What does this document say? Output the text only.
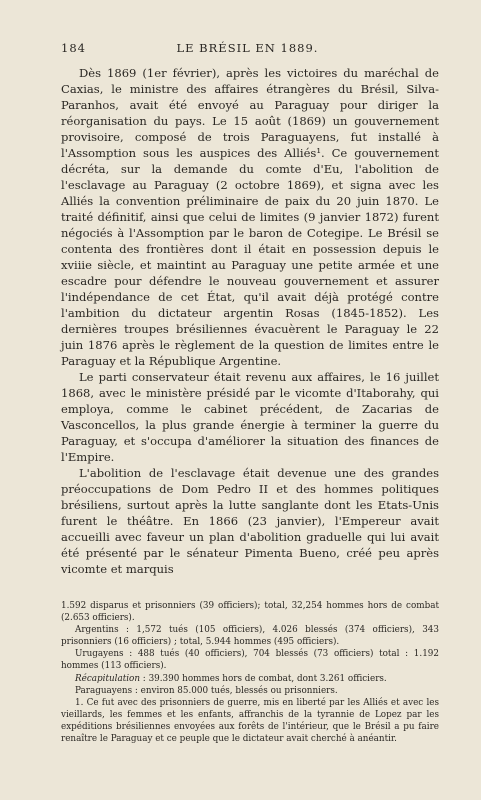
184	LE BRÉSIL EN 1889.

Dès 1869 (1er février), après les victoires du maréchal de Caxias, le ministre des affaires étrangères du Brésil, Silva-Paranhos, avait été envoyé au Paraguay pour diriger la réorganisation du pays. Le 15 août (1869) un gouvernement provisoire, composé de trois Paraguayens, fut installé à l'Assomption sous les auspices des Alliés¹. Ce gouvernement décréta, sur la demande du comte d'Eu, l'abolition de l'esclavage au Paraguay (2 octobre 1869), et signa avec les Alliés la convention préliminaire de paix du 20 juin 1870. Le traité définitif, ainsi que celui de limites (9 janvier 1872) furent négociés à l'Assomption par le baron de Cotegipe. Le Brésil se contenta des frontières dont il était en possession depuis le xviiie siècle, et maintint au Paraguay une petite armée et une escadre pour défendre le nouveau gouvernement et assurer l'indépendance de cet État, qu'il avait déjà protégé contre l'ambition du dictateur argentin Rosas (1845-1852). Les dernières troupes brésiliennes évacuèrent le Paraguay le 22 juin 1876 après le règlement de la question de limites entre le Paraguay et la République Argentine.

Le parti conservateur était revenu aux affaires, le 16 juillet 1868, avec le ministère présidé par le vicomte d'Itaborahy, qui employa, comme le cabinet précédent, de Zacarias de Vasconcellos, la plus grande énergie à terminer la guerre du Paraguay, et s'occupa d'améliorer la situation des finances de l'Empire.

L'abolition de l'esclavage était devenue une des grandes préoccupations de Dom Pedro II et des hommes politiques brésiliens, surtout après la lutte sanglante dont les Etats-Unis furent le théâtre. En 1866 (23 janvier), l'Empereur avait accueilli avec faveur un plan d'abolition graduelle qui lui avait été présenté par le sénateur Pimenta Bueno, créé peu après vicomte et marquis

1.592 disparus et prisonniers (39 officiers); total, 32,254 hommes hors de combat (2.653 officiers).

Argentins : 1,572 tués (105 officiers), 4.026 blessés (374 officiers), 343 prisonniers (16 officiers) ; total, 5.944 hommes (495 officiers).

Urugayens : 488 tués (40 officiers), 704 blessés (73 officiers) total : 1.192 hommes (113 officiers).

Récapitulation : 39.390 hommes hors de combat, dont 3.261 officiers.

Paraguayens : environ 85.000 tués, blessés ou prisonniers.

1. Ce fut avec des prisonniers de guerre, mis en liberté par les Alliés et avec les vieillards, les femmes et les enfants, affranchis de la tyrannie de Lopez par les expéditions brésiliennes envoyées aux forêts de l'intérieur, que le Brésil a pu faire renaître le Paraguay et ce peuple que le dictateur avait cherché à anéantir.
